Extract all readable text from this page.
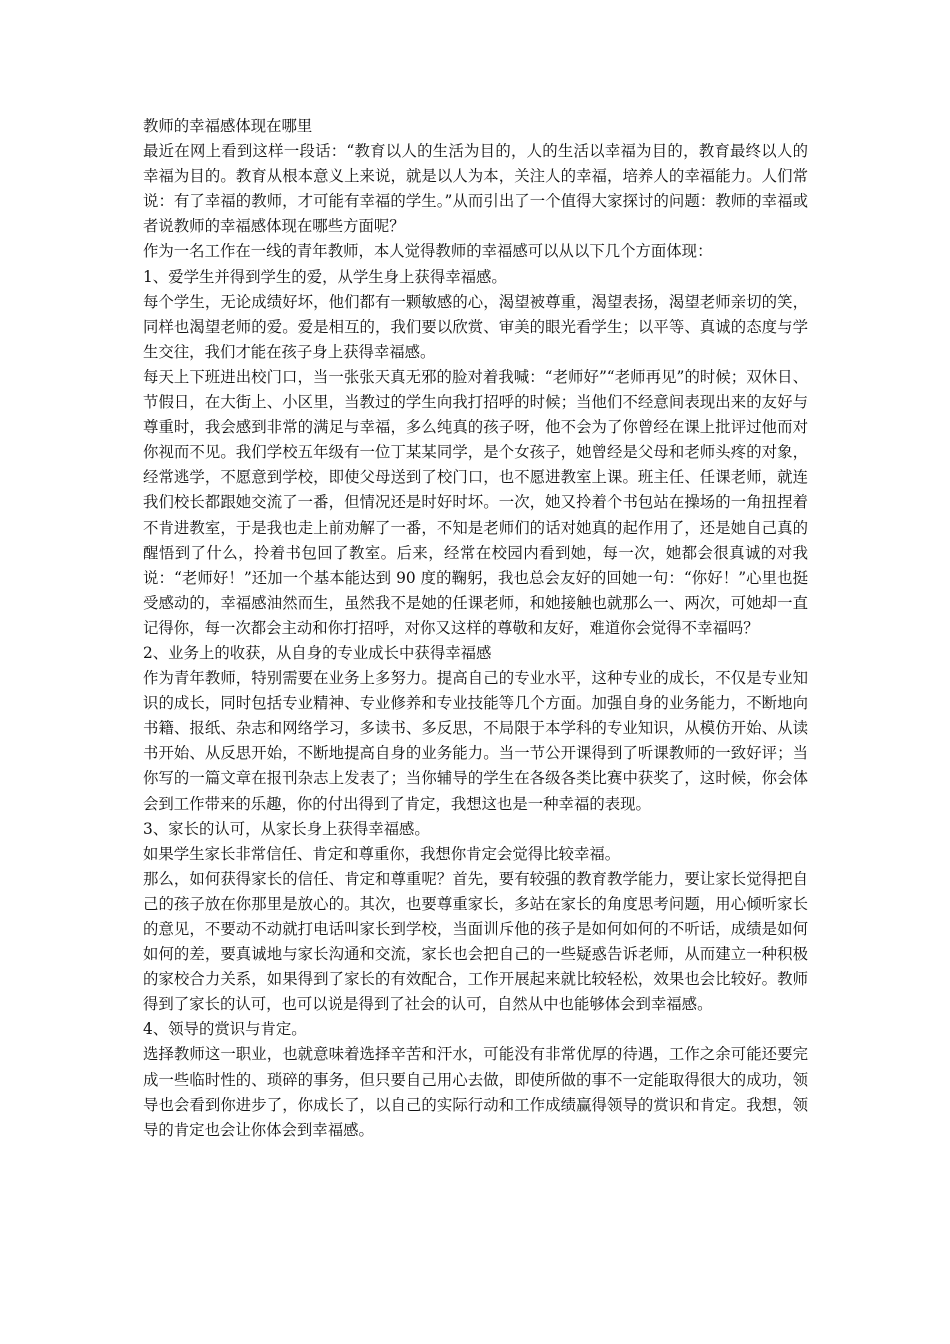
教师的幸福感体现在哪里

最近在网上看到这样一段话：“教育以人的生活为目的，人的生活以幸福为目的，教育最终以人的幸福为目的。教育从根本意义上来说，就是以人为本，关注人的幸福，培养人的幸福能力。人们常说：有了幸福的教师，才可能有幸福的学生。”从而引出了一个值得大家探讨的问题：教师的幸福或者说教师的幸福感体现在哪些方面呢？

作为一名工作在一线的青年教师，本人觉得教师的幸福感可以从以下几个方面体现：

1、爱学生并得到学生的爱，从学生身上获得幸福感。

每个学生，无论成绩好坏，他们都有一颗敏感的心，渴望被尊重，渴望表扬，渴望老师亲切的笑，同样也渴望老师的爱。爱是相互的，我们要以欣赏、审美的眼光看学生；以平等、真诚的态度与学生交往，我们才能在孩子身上获得幸福感。

每天上下班进出校门口，当一张张天真无邪的脸对着我喊：“老师好”“老师再见”的时候；双休日、节假日，在大街上、小区里，当教过的学生向我打招呼的时候；当他们不经意间表现出来的友好与尊重时，我会感到非常的满足与幸福，多么纯真的孩子呀，他不会为了你曾经在课上批评过他而对你视而不见。我们学校五年级有一位丁某某同学，是个女孩子，她曾经是父母和老师头疼的对象，经常逃学，不愿意到学校，即使父母送到了校门口，也不愿进教室上课。班主任、任课老师，就连我们校长都跟她交流了一番，但情况还是时好时坏。一次，她又拎着个书包站在操场的一角扭捏着不肯进教室，于是我也走上前劝解了一番，不知是老师们的话对她真的起作用了，还是她自己真的醒悟到了什么，拎着书包回了教室。后来，经常在校园内看到她，每一次，她都会很真诚的对我说：“老师好！”还加一个基本能达到 90 度的鞠躬，我也总会友好的回她一句：“你好！”心里也挺受感动的，幸福感油然而生，虽然我不是她的任课老师，和她接触也就那么一、两次，可她却一直记得你，每一次都会主动和你打招呼，对你又这样的尊敬和友好，难道你会觉得不幸福吗？

2、业务上的收获，从自身的专业成长中获得幸福感

作为青年教师，特别需要在业务上多努力。提高自己的专业水平，这种专业的成长，不仅是专业知识的成长，同时包括专业精神、专业修养和专业技能等几个方面。加强自身的业务能力，不断地向书籍、报纸、杂志和网络学习，多读书、多反思，不局限于本学科的专业知识，从模仿开始、从读书开始、从反思开始，不断地提高自身的业务能力。当一节公开课得到了听课教师的一致好评；当你写的一篇文章在报刊杂志上发表了；当你辅导的学生在各级各类比赛中获奖了，这时候，你会体会到工作带来的乐趣，你的付出得到了肯定，我想这也是一种幸福的表现。

3、家长的认可，从家长身上获得幸福感。

如果学生家长非常信任、肯定和尊重你，我想你肯定会觉得比较幸福。

那么，如何获得家长的信任、肯定和尊重呢？首先，要有较强的教育教学能力，要让家长觉得把自己的孩子放在你那里是放心的。其次，也要尊重家长，多站在家长的角度思考问题，用心倾听家长的意见，不要动不动就打电话叫家长到学校，当面训斥他的孩子是如何如何的不听话，成绩是如何如何的差，要真诚地与家长沟通和交流，家长也会把自己的一些疑惑告诉老师，从而建立一种积极的家校合力关系，如果得到了家长的有效配合，工作开展起来就比较轻松，效果也会比较好。教师得到了家长的认可，也可以说是得到了社会的认可，自然从中也能够体会到幸福感。

4、领导的赏识与肯定。

选择教师这一职业，也就意味着选择辛苦和汗水，可能没有非常优厚的待遇，工作之余可能还要完成一些临时性的、琐碎的事务，但只要自己用心去做，即使所做的事不一定能取得很大的成功，领导也会看到你进步了，你成长了，以自己的实际行动和工作成绩赢得领导的赏识和肯定。我想，领导的肯定也会让你体会到幸福感。
